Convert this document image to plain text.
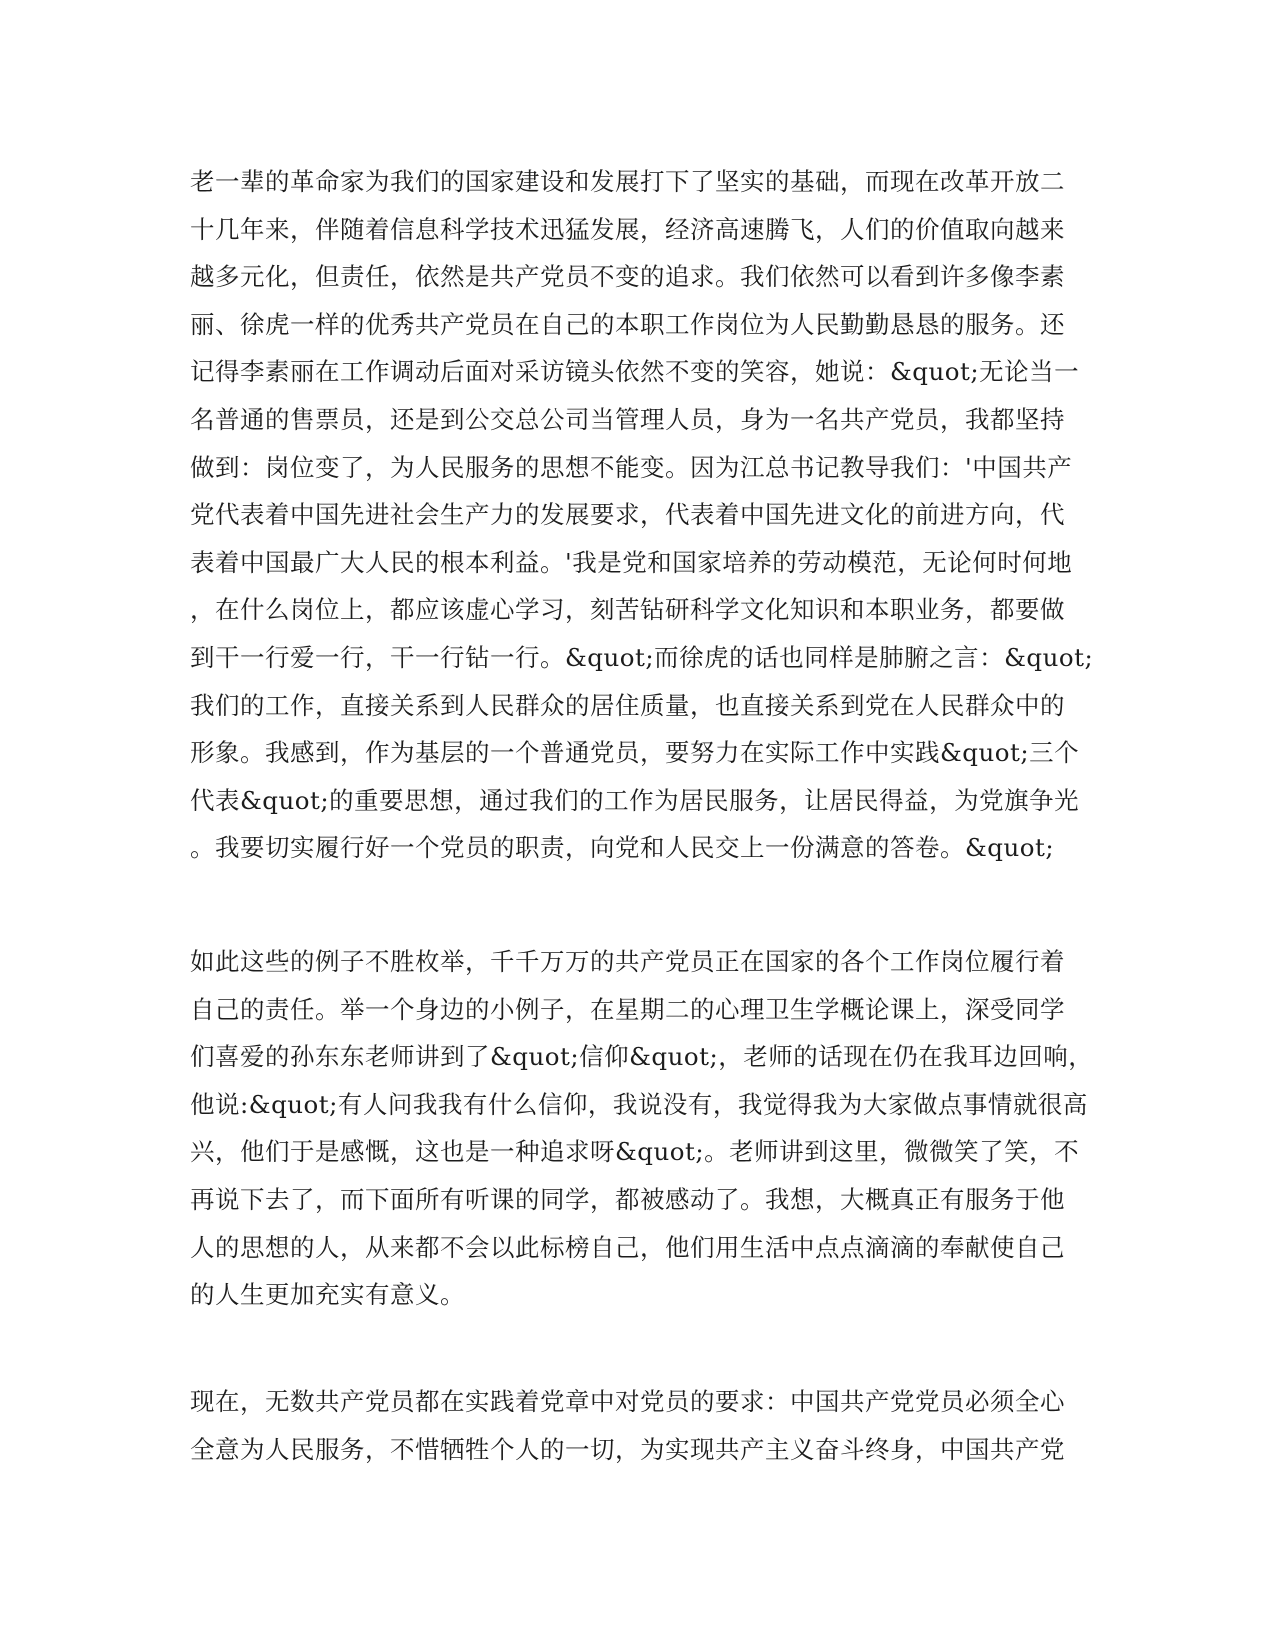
老一辈的革命家为我们的国家建设和发展打下了坚实的基础，而现在改革开放二
十几年来，伴随着信息科学技术迅猛发展，经济高速腾飞，人们的价值取向越来
越多元化，但责任，依然是共产党员不变的追求。我们依然可以看到许多像李素
丽、徐虎一样的优秀共产党员在自己的本职工作岗位为人民勤勤恳恳的服务。还
记得李素丽在工作调动后面对采访镜头依然不变的笑容，她说：&quot;无论当一
名普通的售票员，还是到公交总公司当管理人员，身为一名共产党员，我都坚持
做到：岗位变了，为人民服务的思想不能变。因为江总书记教导我们：'中国共产
党代表着中国先进社会生产力的发展要求，代表着中国先进文化的前进方向，代
表着中国最广大人民的根本利益。'我是党和国家培养的劳动模范，无论何时何地
，在什么岗位上，都应该虚心学习，刻苦钻研科学文化知识和本职业务，都要做
到干一行爱一行，干一行钻一行。&quot;而徐虎的话也同样是肺腑之言：&quot;
我们的工作，直接关系到人民群众的居住质量，也直接关系到党在人民群众中的
形象。我感到，作为基层的一个普通党员，要努力在实际工作中实践&quot;三个
代表&quot;的重要思想，通过我们的工作为居民服务，让居民得益，为党旗争光
。我要切实履行好一个党员的职责，向党和人民交上一份满意的答卷。&quot;
如此这些的例子不胜枚举，千千万万的共产党员正在国家的各个工作岗位履行着
自己的责任。举一个身边的小例子，在星期二的心理卫生学概论课上，深受同学
们喜爱的孙东东老师讲到了&quot;信仰&quot;，老师的话现在仍在我耳边回响，
他说:&quot;有人问我我有什么信仰，我说没有，我觉得我为大家做点事情就很高
兴，他们于是感慨，这也是一种追求呀&quot;。老师讲到这里，微微笑了笑，不
再说下去了，而下面所有听课的同学，都被感动了。我想，大概真正有服务于他
人的思想的人，从来都不会以此标榜自己，他们用生活中点点滴滴的奉献使自己
的人生更加充实有意义。
现在，无数共产党员都在实践着党章中对党员的要求：中国共产党党员必须全心
全意为人民服务，不惜牺牲个人的一切，为实现共产主义奋斗终身，中国共产党
